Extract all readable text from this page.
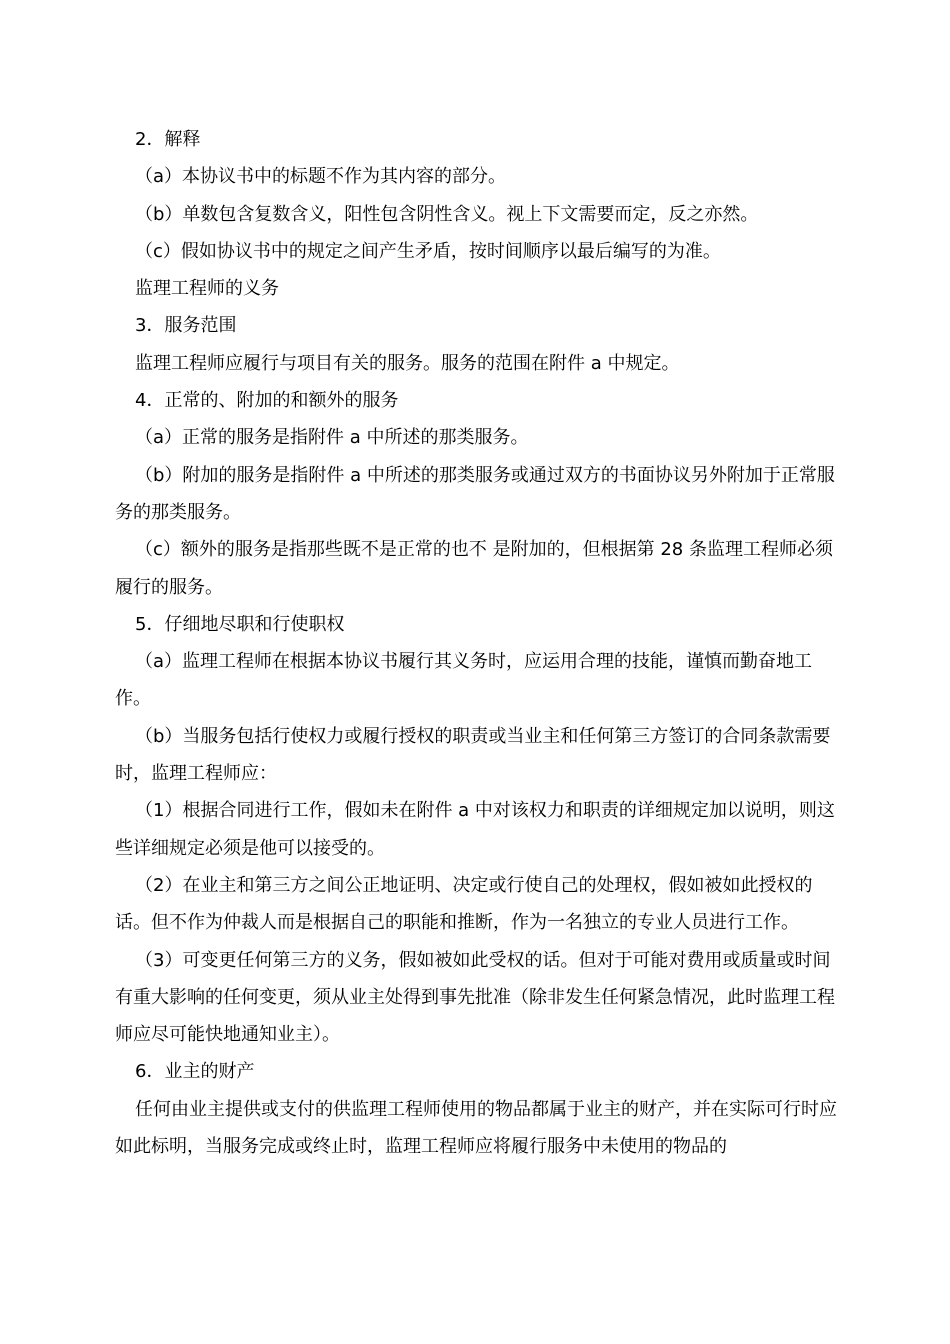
2．解释

（a）本协议书中的标题不作为其内容的部分。

（b）单数包含复数含义，阳性包含阴性含义。视上下文需要而定，反之亦然。

（c）假如协议书中的规定之间产生矛盾，按时间顺序以最后编写的为准。

监理工程师的义务

3．服务范围

监理工程师应履行与项目有关的服务。服务的范围在附件 a 中规定。

4．正常的、附加的和额外的服务

（a）正常的服务是指附件 a 中所述的那类服务。

（b）附加的服务是指附件 a 中所述的那类服务或通过双方的书面协议另外附加于正常服务的那类服务。

（c）额外的服务是指那些既不是正常的也不 是附加的，但根据第 28 条监理工程师必须履行的服务。

5．仔细地尽职和行使职权

（a）监理工程师在根据本协议书履行其义务时，应运用合理的技能，谨慎而勤奋地工作。

（b）当服务包括行使权力或履行授权的职责或当业主和任何第三方签订的合同条款需要时，监理工程师应：

（1）根据合同进行工作，假如未在附件 a 中对该权力和职责的详细规定加以说明，则这些详细规定必须是他可以接受的。

（2）在业主和第三方之间公正地证明、决定或行使自己的处理权，假如被如此授权的话。但不作为仲裁人而是根据自己的职能和推断，作为一名独立的专业人员进行工作。

（3）可变更任何第三方的义务，假如被如此受权的话。但对于可能对费用或质量或时间有重大影响的任何变更，须从业主处得到事先批准（除非发生任何紧急情况，此时监理工程师应尽可能快地通知业主）。

6．业主的财产

任何由业主提供或支付的供监理工程师使用的物品都属于业主的财产，并在实际可行时应如此标明，当服务完成或终止时，监理工程师应将履行服务中未使用的物品的
